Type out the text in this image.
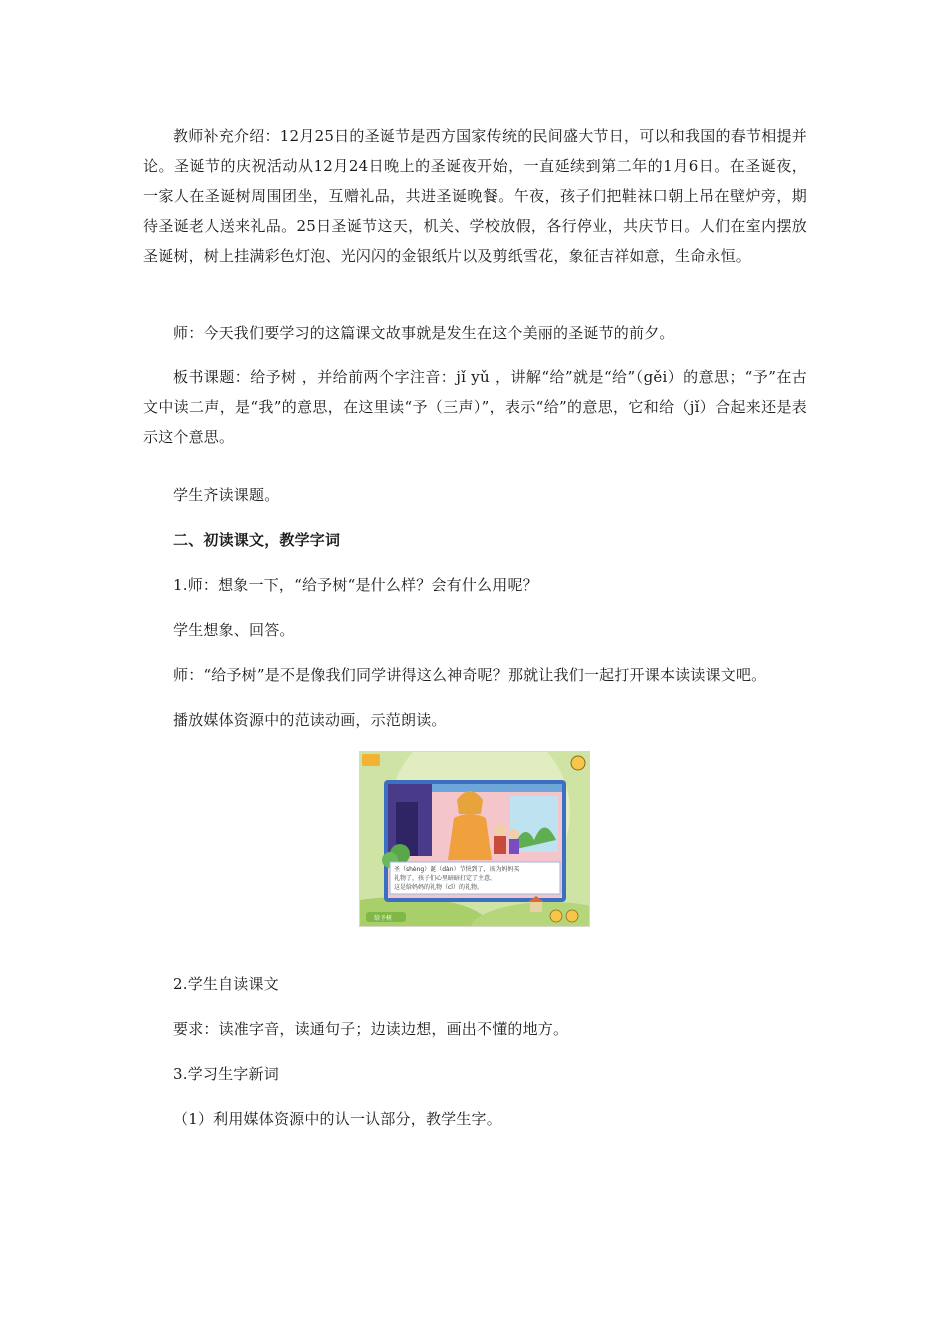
教师补充介绍：12月25日的圣诞节是西方国家传统的民间盛大节日，可以和我国的春节相提并论。圣诞节的庆祝活动从12月24日晚上的圣诞夜开始，一直延续到第二年的1月6日。在圣诞夜，一家人在圣诞树周围团坐，互赠礼品，共进圣诞晚餐。午夜，孩子们把鞋袜口朝上吊在壁炉旁，期待圣诞老人送来礼品。25日圣诞节这天，机关、学校放假，各行停业，共庆节日。人们在室内摆放圣诞树，树上挂满彩色灯泡、光闪闪的金银纸片以及剪纸雪花，象征吉祥如意，生命永恒。

师：今天我们要学习的这篇课文故事就是发生在这个美丽的圣诞节的前夕。

板书课题：给予树 ，并给前两个字注音：jǐ yǔ ，讲解“给”就是“给”（gěi）的意思；“予”在古文中读二声，是“我”的意思，在这里读“予（三声）”，表示“给”的意思，它和给（jǐ）合起来还是表示这个意思。

学生齐读课题。

二、初读课文，教学字词

1.师：想象一下，“给予树“是什么样？会有什么用呢？

学生想象、回答。

师：“给予树”是不是像我们同学讲得这么神奇呢？那就让我们一起打开课本读读课文吧。

播放媒体资源中的范读动画，示范朗读。

2.学生自读课文

要求：读准字音，读通句子；边读边想，画出不懂的地方。

3.学习生字新词

（1）利用媒体资源中的认一认部分，教学生字。

圣（shèng）诞（dàn）节快到了，该为妈妈买
礼物了，孩子们心里暗暗打定了主意，
这是给妈妈的礼物（cǐ）的礼物。
给予树
